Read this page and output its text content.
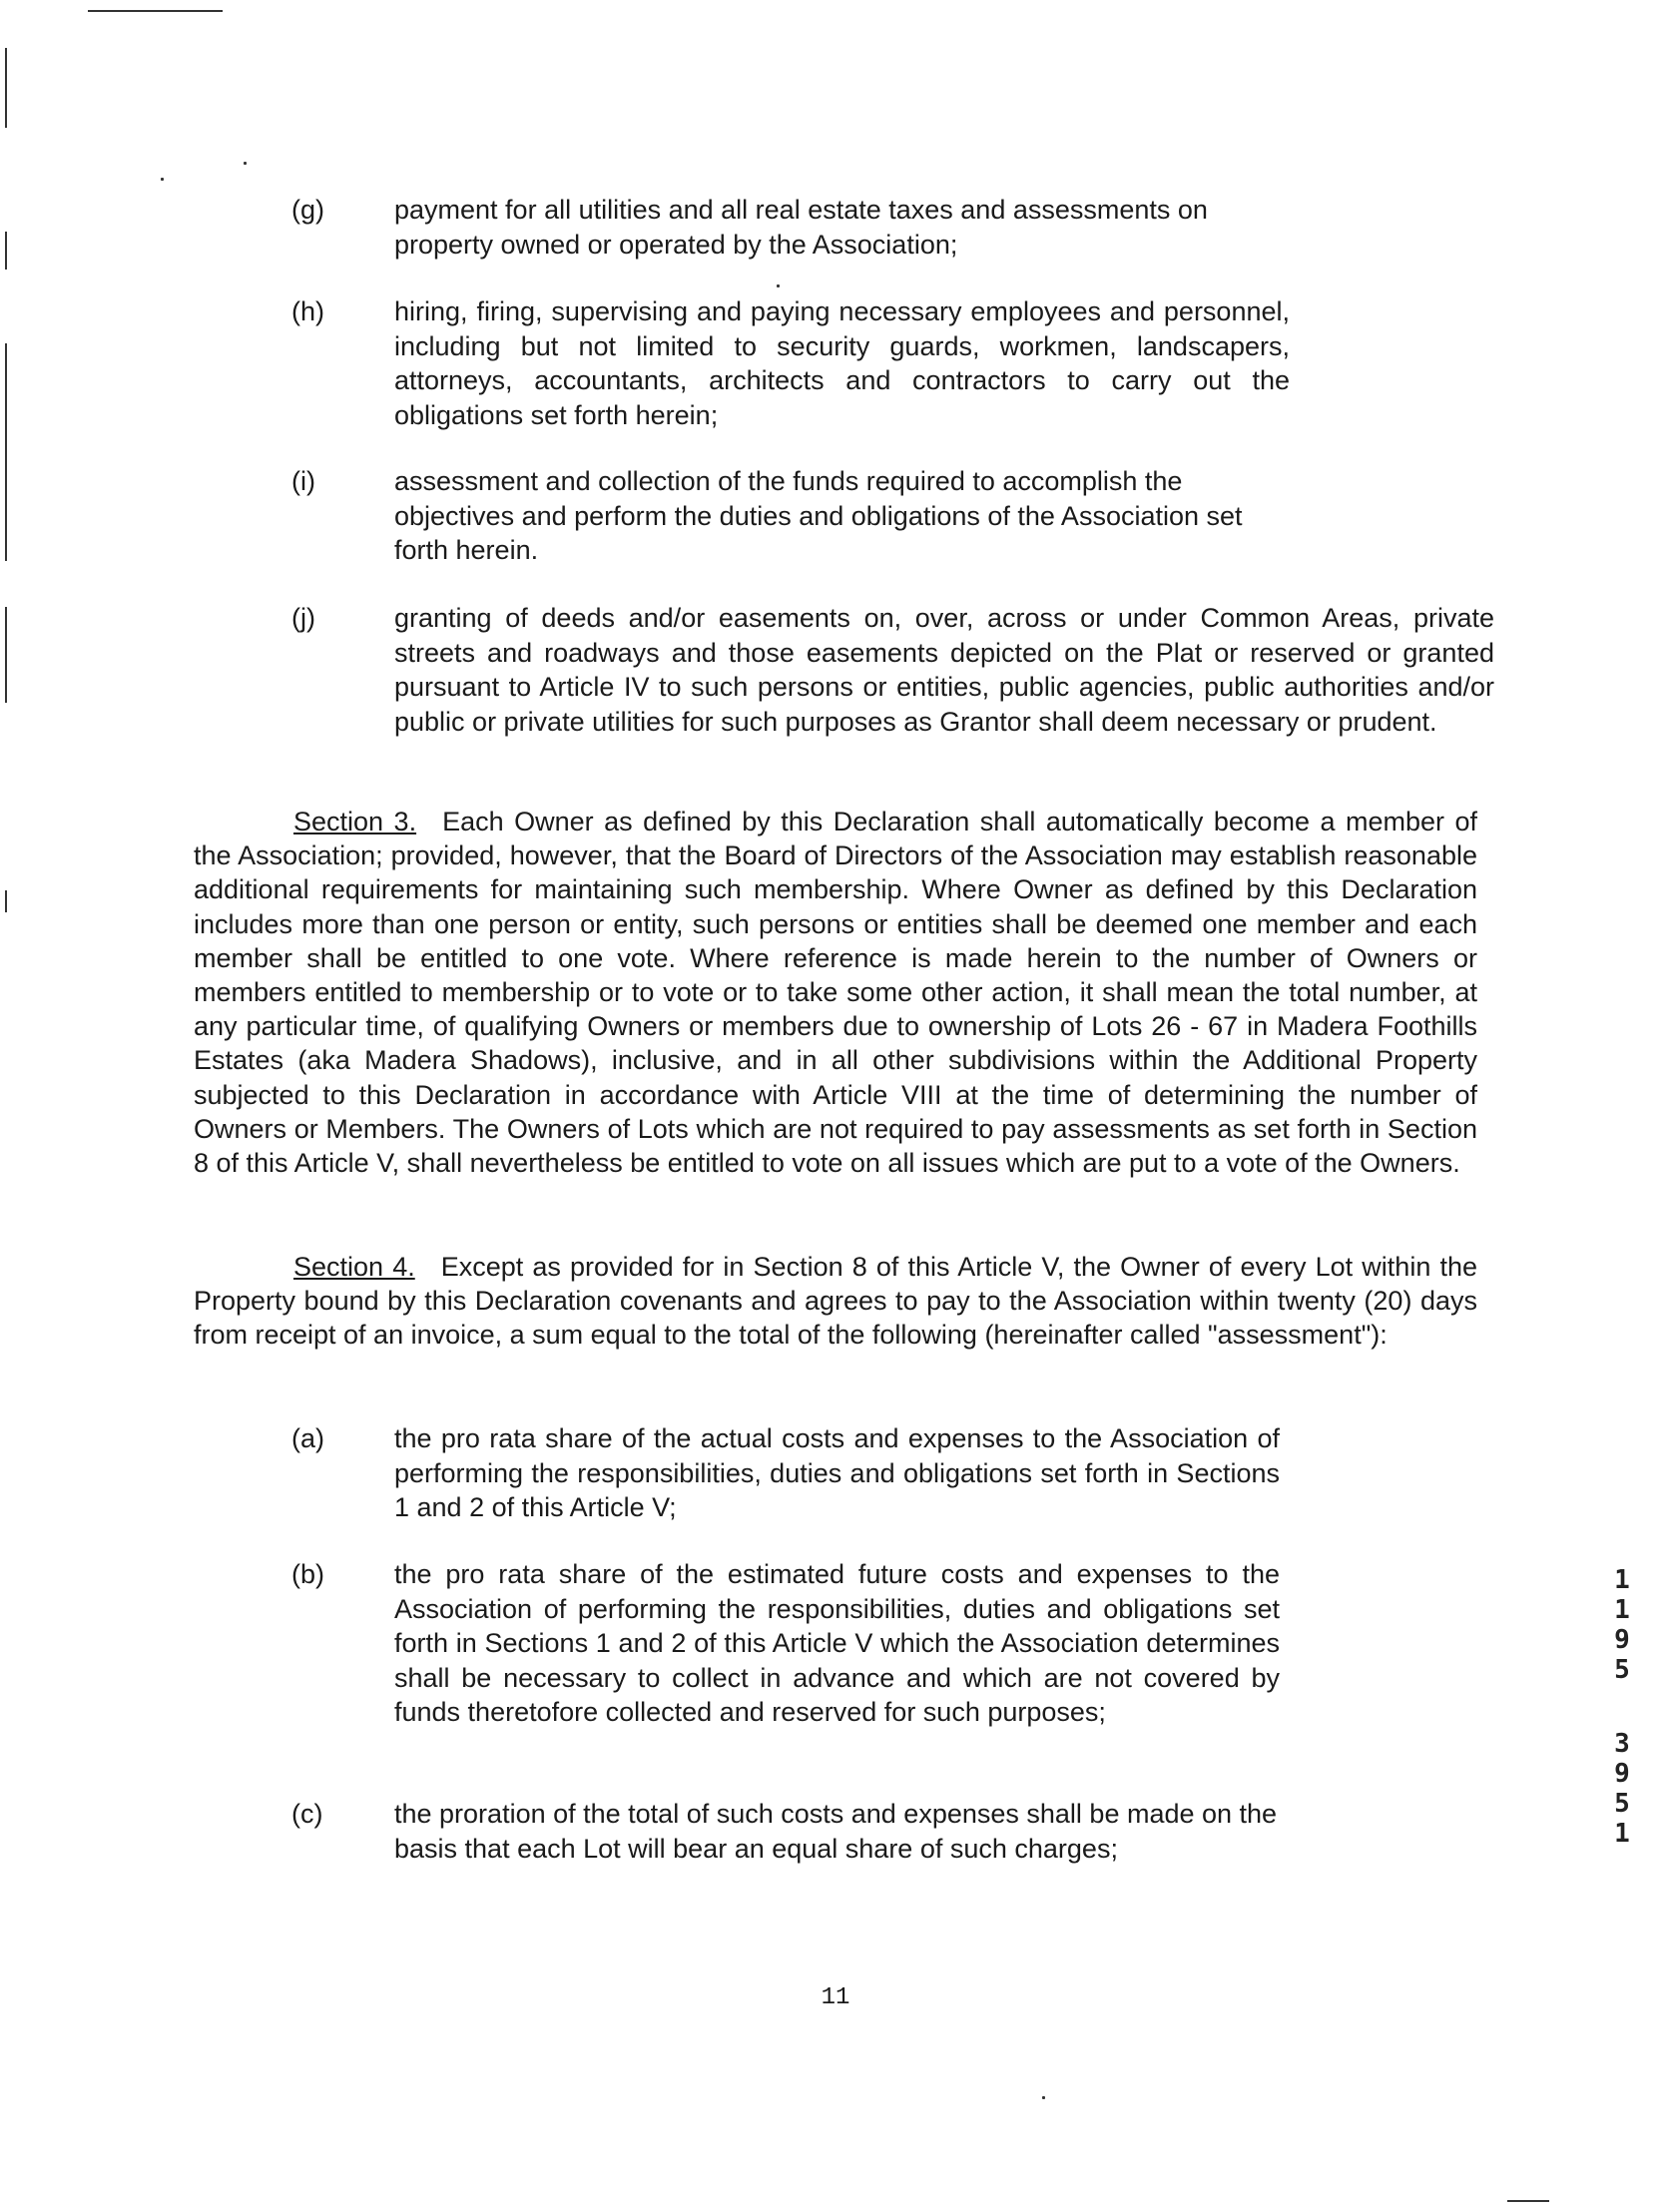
(g)	payment for all utilities and all real estate taxes and assessments on property owned or operated by the Association;
(h)	hiring, firing, supervising and paying necessary employees and personnel, including but not limited to security guards, workmen, landscapers, attorneys, accountants, architects and contractors to carry out the obligations set forth herein;
(i)	assessment and collection of the funds required to accomplish the objectives and perform the duties and obligations of the Association set forth herein.
(j)	granting of deeds and/or easements on, over, across or under Common Areas, private streets and roadways and those easements depicted on the Plat or reserved or granted pursuant to Article IV to such persons or entities, public agencies, public authorities and/or public or private utilities for such purposes as Grantor shall deem necessary or prudent.
Section 3. Each Owner as defined by this Declaration shall automatically become a member of the Association; provided, however, that the Board of Directors of the Association may establish reasonable additional requirements for maintaining such membership. Where Owner as defined by this Declaration includes more than one person or entity, such persons or entities shall be deemed one member and each member shall be entitled to one vote. Where reference is made herein to the number of Owners or members entitled to membership or to vote or to take some other action, it shall mean the total number, at any particular time, of qualifying Owners or members due to ownership of Lots 26 - 67 in Madera Foothills Estates (aka Madera Shadows), inclusive, and in all other subdivisions within the Additional Property subjected to this Declaration in accordance with Article VIII at the time of determining the number of Owners or Members. The Owners of Lots which are not required to pay assessments as set forth in Section 8 of this Article V, shall nevertheless be entitled to vote on all issues which are put to a vote of the Owners.
Section 4. Except as provided for in Section 8 of this Article V, the Owner of every Lot within the Property bound by this Declaration covenants and agrees to pay to the Association within twenty (20) days from receipt of an invoice, a sum equal to the total of the following (hereinafter called "assessment"):
(a)	the pro rata share of the actual costs and expenses to the Association of performing the responsibilities, duties and obligations set forth in Sections 1 and 2 of this Article V;
(b)	the pro rata share of the estimated future costs and expenses to the Association of performing the responsibilities, duties and obligations set forth in Sections 1 and 2 of this Article V which the Association determines shall be necessary to collect in advance and which are not covered by funds theretofore collected and reserved for such purposes;
(c)	the proration of the total of such costs and expenses shall be made on the basis that each Lot will bear an equal share of such charges;
11
1
1
9
5

3
9
5
1
